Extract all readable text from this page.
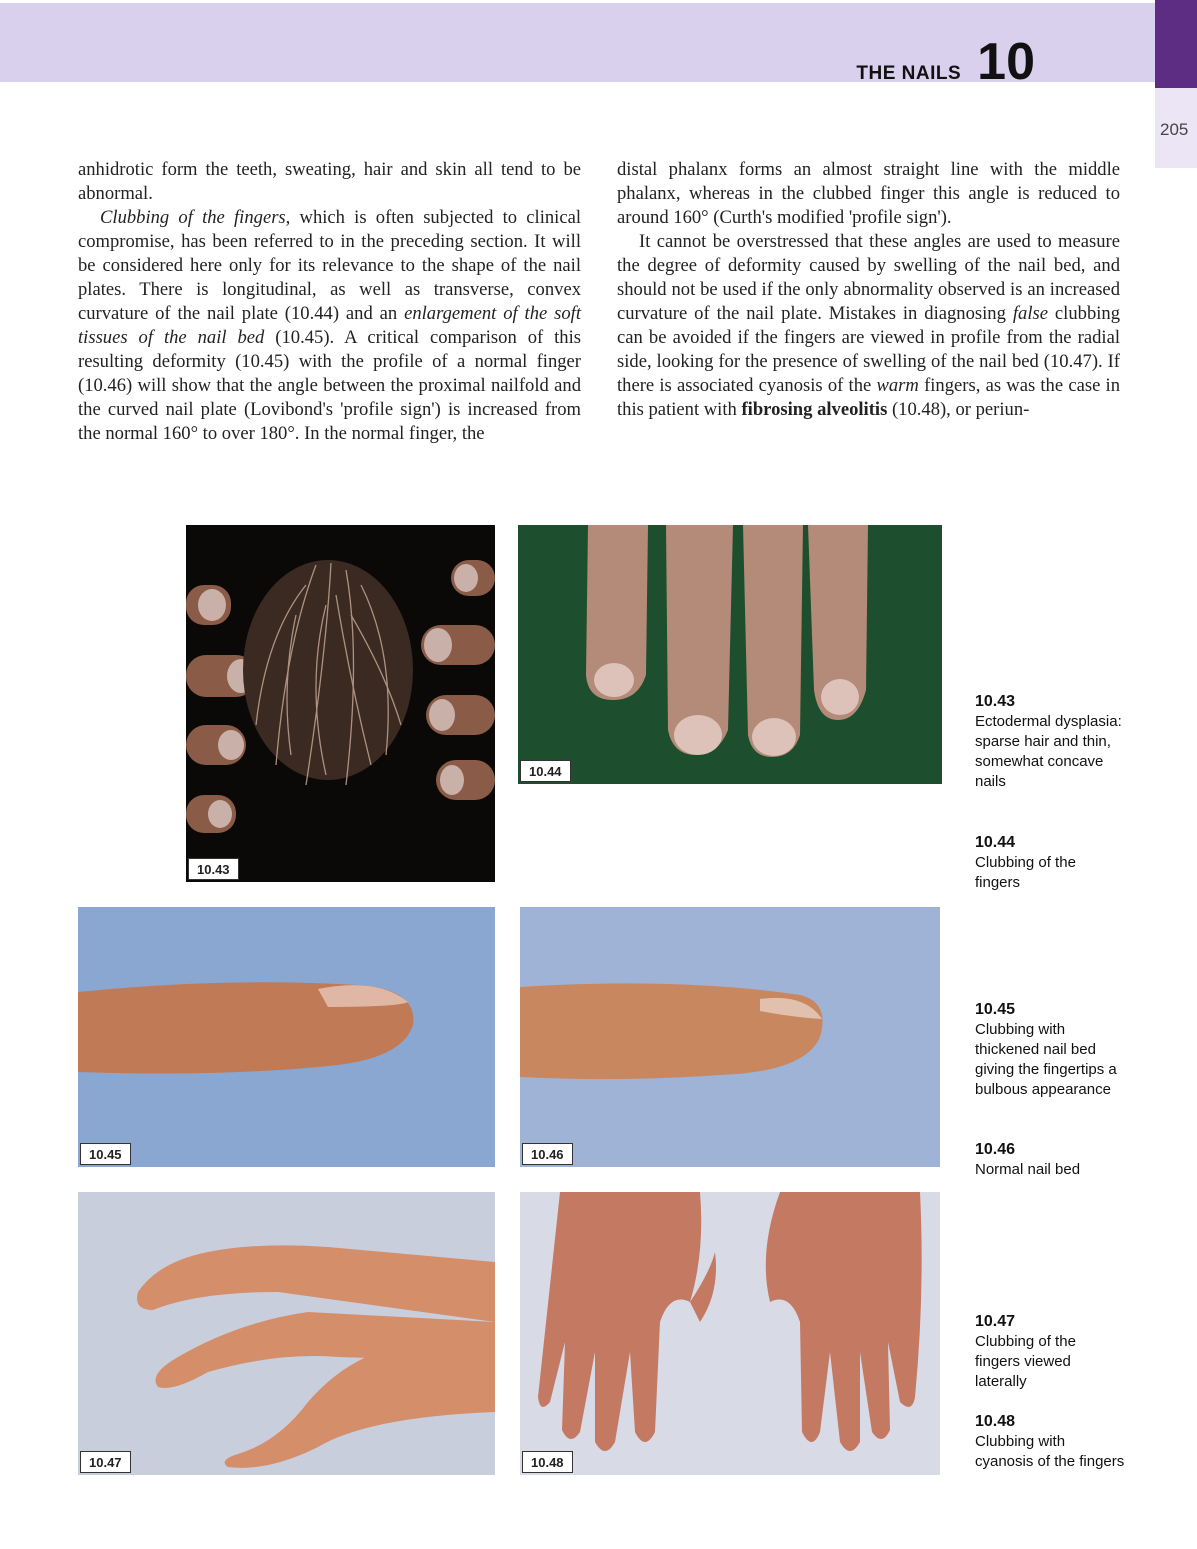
THE NAILS 10
205

anhidrotic form the teeth, sweating, hair and skin all tend to be abnormal.

Clubbing of the fingers, which is often subjected to clinical compromise, has been referred to in the preceding section. It will be considered here only for its relevance to the shape of the nail plates. There is longitudinal, as well as transverse, convex curvature of the nail plate (10.44) and an enlargement of the soft tissues of the nail bed (10.45). A critical comparison of this resulting deformity (10.45) with the profile of a normal finger (10.46) will show that the angle between the proximal nailfold and the curved nail plate (Lovibond's 'profile sign') is increased from the normal 160° to over 180°. In the normal finger, the

distal phalanx forms an almost straight line with the middle phalanx, whereas in the clubbed finger this angle is reduced to around 160° (Curth's modified 'profile sign').

It cannot be overstressed that these angles are used to measure the degree of deformity caused by swelling of the nail bed, and should not be used if the only abnormality observed is an increased curvature of the nail plate. Mistakes in diagnosing false clubbing can be avoided if the fingers are viewed in profile from the radial side, looking for the presence of swelling of the nail bed (10.47). If there is associated cyanosis of the warm fingers, as was the case in this patient with fibrosing alveolitis (10.48), or periun-

10.43
10.44
10.45	10.46
10.47	10.48
10.43
Ectodermal dysplasia: sparse hair and thin, somewhat concave nails
10.44
Clubbing of the fingers
10.45
Clubbing with thickened nail bed giving the fingertips a bulbous appearance
10.46
Normal nail bed
10.47
Clubbing of the fingers viewed laterally
10.48
Clubbing with cyanosis of the fingers
